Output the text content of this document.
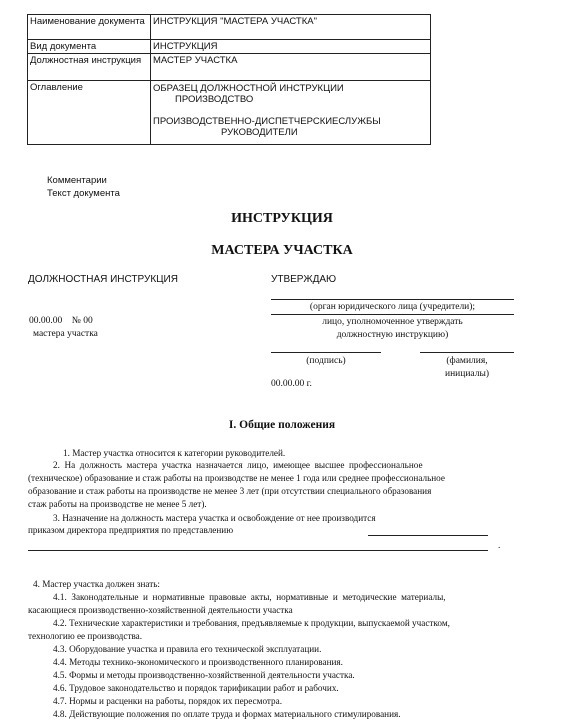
Наименование документа	ИНСТРУКЦИЯ "МАСТЕРА УЧАСТКА"
Вид документа	ИНСТРУКЦИЯ
Должностная инструкция	МАСТЕР УЧАСТКА
Оглавление	ОБРАЗЕЦ ДОЛЖНОСТНОЙ ИНСТРУКЦИИ
ПРОИЗВОДСТВО
ПРОИЗВОДСТВЕННО-ДИСПЕТЧЕРСКИЕСЛУЖБЫ
РУКОВОДИТЕЛИ
Комментарии
Текст документа
ИНСТРУКЦИЯ
МАСТЕРА УЧАСТКА
ДОЛЖНОСТНАЯ ИНСТРУКЦИЯ
00.00.00    № 00
мастера участка
УТВЕРЖДАЮ
(орган юридического лица (учредители);
лицо, уполномоченное утверждать
должностную инструкцию)
(подпись)	(фамилия,
инициалы)
00.00.00 г.
I. Общие положения
1. Мастер участка относится к категории руководителей.
2.  На  должность  мастера  участка  назначается  лицо,  имеющее  высшее  профессиональное
(техническое) образование и стаж работы на производстве не менее 1 года или среднее профессиональное
образование и стаж работы на производстве не менее 3 лет (при отсутствии специального образования
стаж работы на производстве не менее 5 лет).
3. Назначение на должность мастера участка и освобождение от нее производится
приказом директора предприятия по представлению
.
4. Мастер участка должен знать:
4.1.  Законодательные  и  нормативные  правовые  акты,  нормативные  и  методические  материалы,
касающиеся производственно-хозяйственной деятельности участка
4.2. Технические характеристики и требования, предъявляемые к продукции, выпускаемой участком,
технологию ее производства.
4.3. Оборудование участка и правила его технической эксплуатации.
4.4. Методы технико-экономического и производственного планирования.
4.5. Формы и методы производственно-хозяйственной деятельности участка.
4.6. Трудовое законодательство и порядок тарификации работ и рабочих.
4.7. Нормы и расценки на работы, порядок их пересмотра.
4.8. Действующие положения по оплате труда и формах материального стимулирования.
